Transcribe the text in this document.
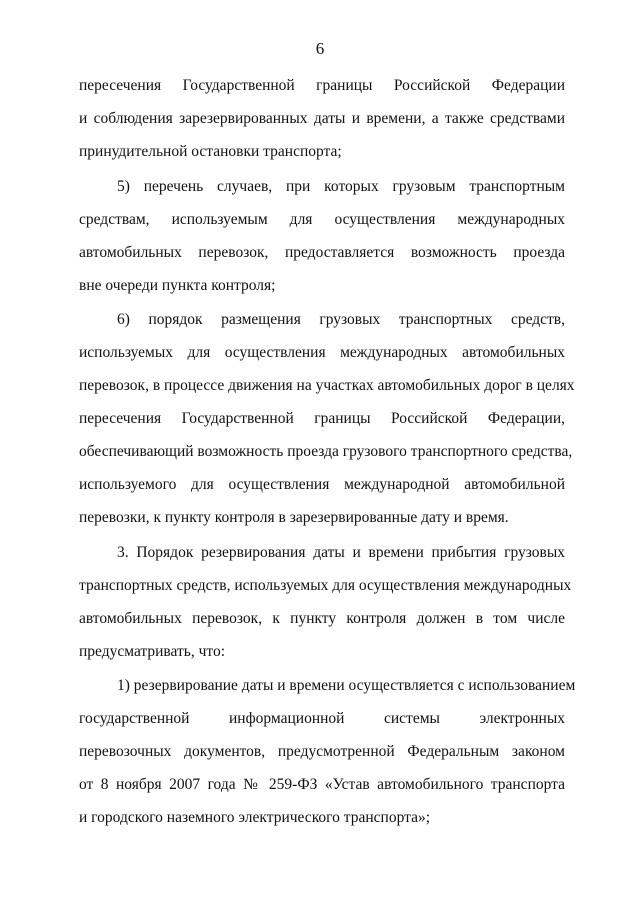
6
пересечения Государственной границы Российской Федерации
и соблюдения зарезервированных даты и времени, а также средствами
принудительной остановки транспорта;
5) перечень случаев, при которых грузовым транспортным
средствам, используемым для осуществления международных
автомобильных перевозок, предоставляется возможность проезда
вне очереди пункта контроля;
6) порядок размещения грузовых транспортных средств,
используемых для осуществления международных автомобильных
перевозок, в процессе движения на участках автомобильных дорог в целях
пересечения Государственной границы Российской Федерации,
обеспечивающий возможность проезда грузового транспортного средства,
используемого для осуществления международной автомобильной
перевозки, к пункту контроля в зарезервированные дату и время.
3. Порядок резервирования даты и времени прибытия грузовых
транспортных средств, используемых для осуществления международных
автомобильных перевозок, к пункту контроля должен в том числе
предусматривать, что:
1) резервирование даты и времени осуществляется с использованием
государственной информационной системы электронных
перевозочных документов, предусмотренной Федеральным законом
от 8 ноября 2007 года № 259-ФЗ «Устав автомобильного транспорта
и городского наземного электрического транспорта»;
